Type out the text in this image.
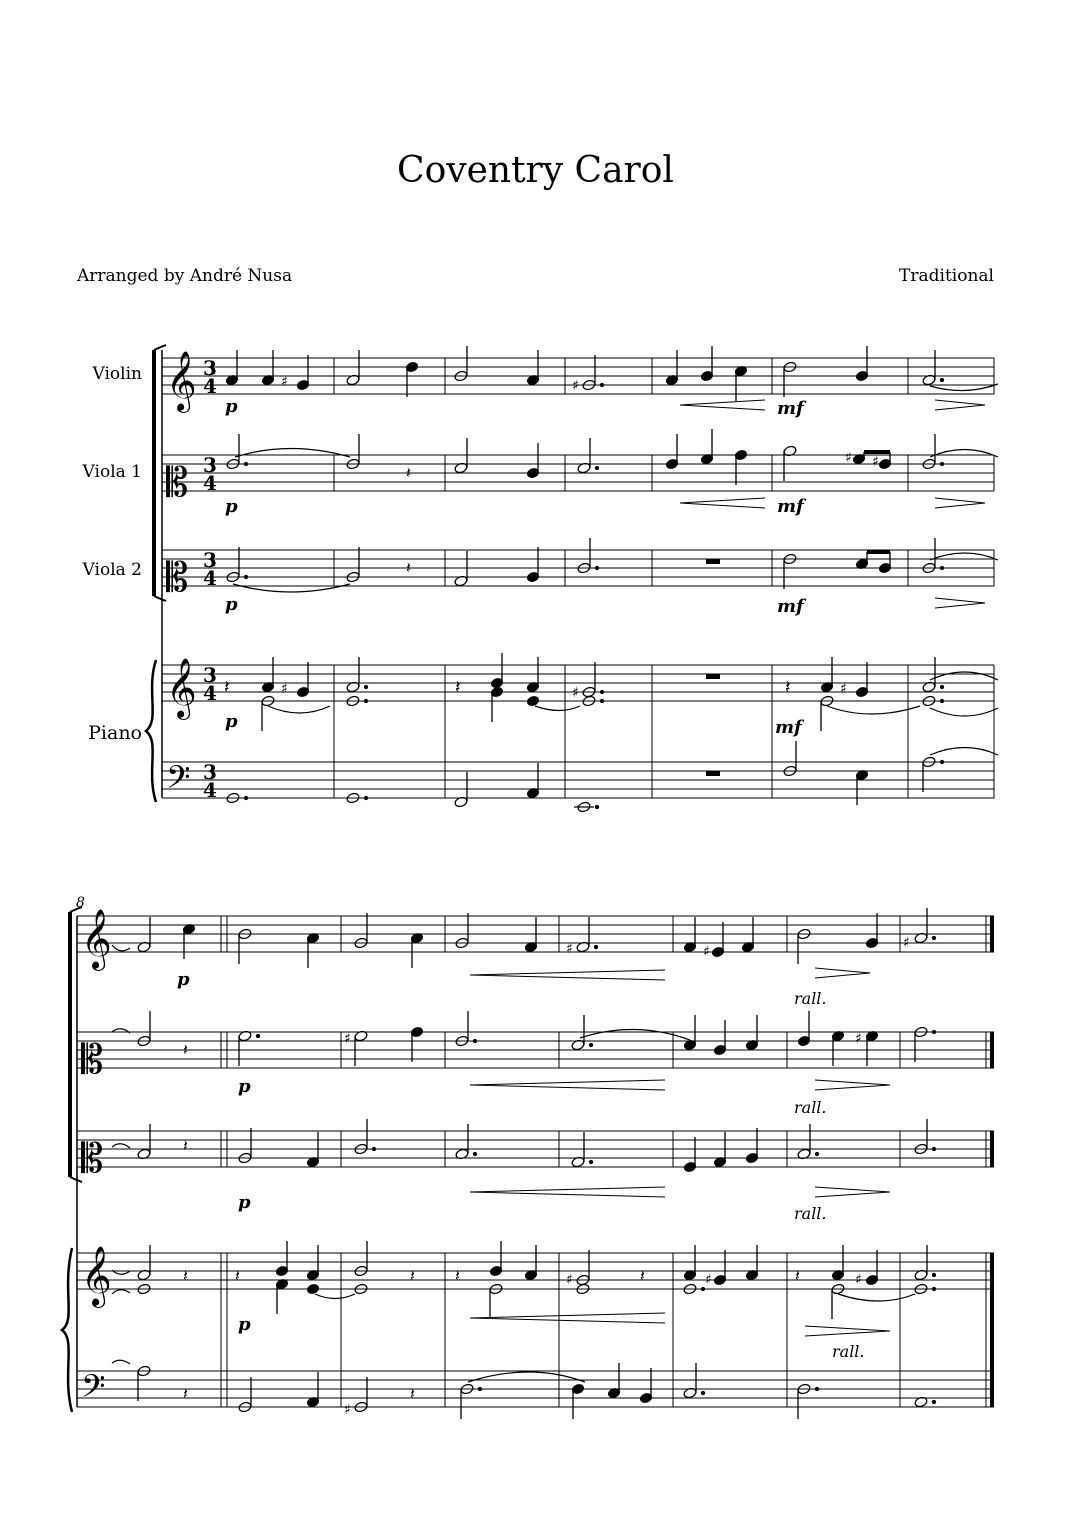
Coventry Carol
Arranged by André Nusa	Traditional
Violin
Viola 1
Viola 2
Piano
𝄞
𝄞
𝄡
𝄡
𝄢
3
4
3
4
3
4
3
4
3
4
♯	♯
𝄽
♯ ♯
𝄽
𝄽	♯	𝄽	♯	𝄽	♯
p
p
p
p
mf
mf
mf
mf
8
𝄞
𝄞
𝄡
𝄡
𝄢
♯	♯
♯
𝄽
♯	♯
𝄽
𝄽	𝄽	𝄽	𝄽	♯	𝄽	♯	𝄽	♯
𝄽
♯
𝄽
p
p
p
p
rall.
rall.
rall.
rall.
